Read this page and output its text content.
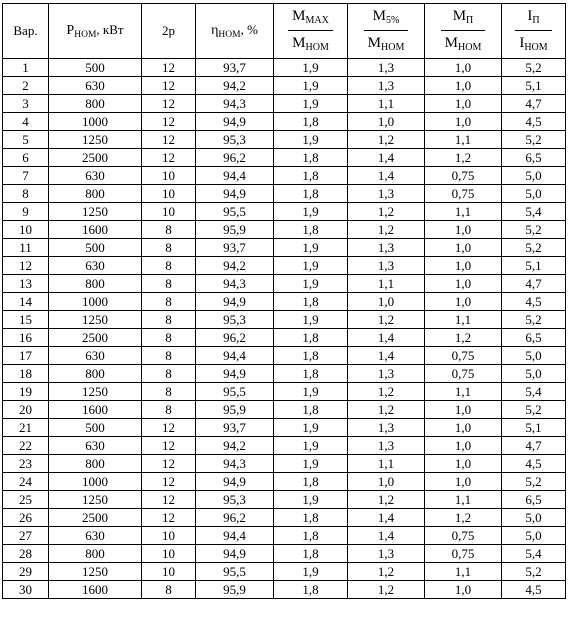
Вар.	$P_{НОМ}$, кВт	2p	$\eta_{НОМ}$, %	$\frac{M_{MAX}}{M_{НОМ}}$	$\frac{M_{5\%}}{M_{НОМ}}$	$\frac{M_П}{M_{НОМ}}$	$\frac{I_П}{I_{НОМ}}$

1	500	12	93,7	1,9	1,3	1,0	5,2
2	630	12	94,2	1,9	1,3	1,0	5,1
3	800	12	94,3	1,9	1,1	1,0	4,7
4	1000	12	94,9	1,8	1,0	1,0	4,5
5	1250	12	95,3	1,9	1,2	1,1	5,2
6	2500	12	96,2	1,8	1,4	1,2	6,5
7	630	10	94,4	1,8	1,4	0,75	5,0
8	800	10	94,9	1,8	1,3	0,75	5,0
9	1250	10	95,5	1,9	1,2	1,1	5,4
10	1600	8	95,9	1,8	1,2	1,0	5,2
11	500	8	93,7	1,9	1,3	1,0	5,2
12	630	8	94,2	1,9	1,3	1,0	5,1
13	800	8	94,3	1,9	1,1	1,0	4,7
14	1000	8	94,9	1,8	1,0	1,0	4,5
15	1250	8	95,3	1,9	1,2	1,1	5,2
16	2500	8	96,2	1,8	1,4	1,2	6,5
17	630	8	94,4	1,8	1,4	0,75	5,0
18	800	8	94,9	1,8	1,3	0,75	5,0
19	1250	8	95,5	1,9	1,2	1,1	5,4
20	1600	8	95,9	1,8	1,2	1,0	5,2
21	500	12	93,7	1,9	1,3	1,0	5,1
22	630	12	94,2	1,9	1,3	1,0	4,7
23	800	12	94,3	1,9	1,1	1,0	4,5
24	1000	12	94,9	1,8	1,0	1,0	5,2
25	1250	12	95,3	1,9	1,2	1,1	6,5
26	2500	12	96,2	1,8	1,4	1,2	5,0
27	630	10	94,4	1,8	1,4	0,75	5,0
28	800	10	94,9	1,8	1,3	0,75	5,4
29	1250	10	95,5	1,9	1,2	1,1	5,2
30	1600	8	95,9	1,8	1,2	1,0	4,5
